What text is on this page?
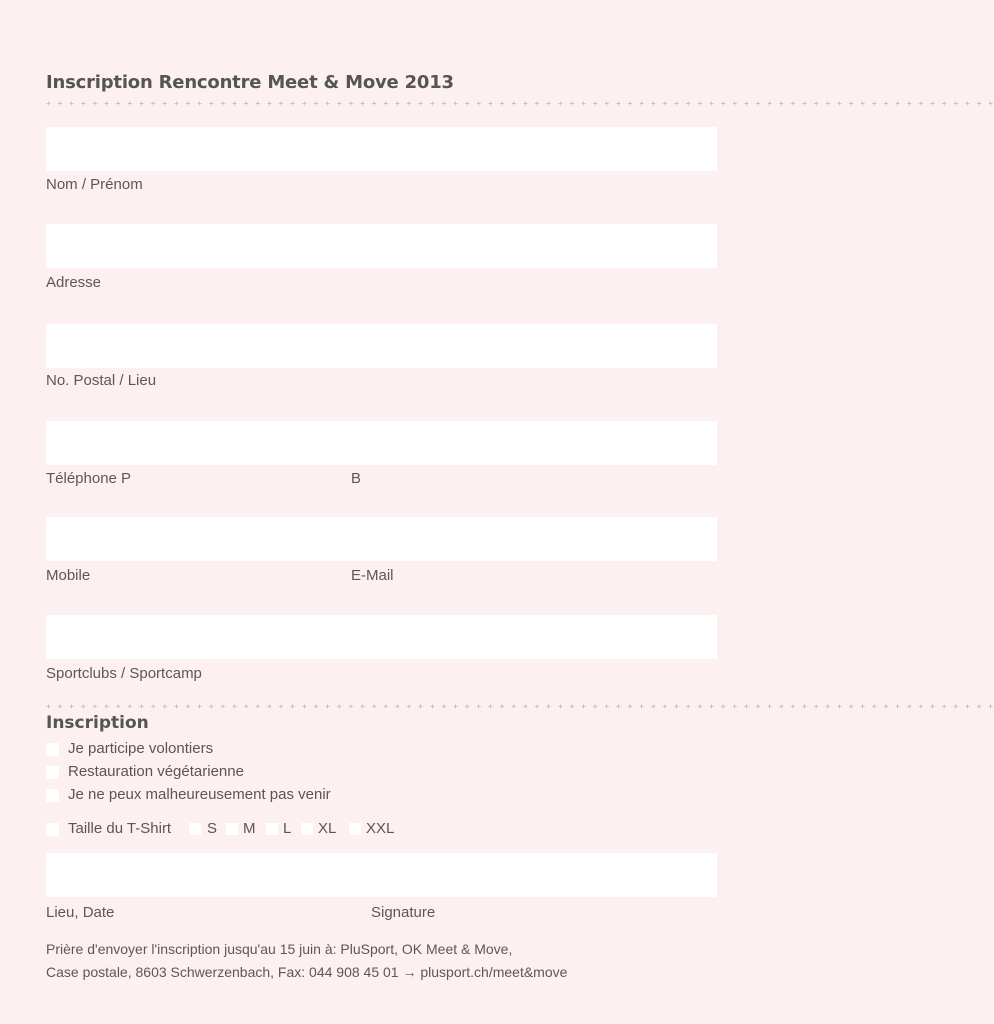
Inscription Rencontre Meet & Move 2013
+ + + + + + + + + + + + + + + + + + + + + + + + + + + + + + + + + + + + + + + + + + + + + + + + + + + + + + + + + + + + + + + + + + + + + + + + + + + + + + + + + +
Nom / Prénom
Adresse
No. Postal / Lieu
Téléphone P	B
Mobile	E-Mail
Sportclubs / Sportcamp
+ + + + + + + + + + + + + + + + + + + + + + + + + + + + + + + + + + + + + + + + + + + + + + + + + + + + + + + + + + + + + + + + + + + + + + + + + + + + + + + + + +
Inscription
Je participe volontiers
Restauration végétarienne
Je ne peux malheureusement pas venir
Taille du T-Shirt S M L XL XXL
Lieu, Date	Signature
Prière d'envoyer l'inscription jusqu'au 15 juin à: PluSport, OK Meet & Move,
Case postale, 8603 Schwerzenbach, Fax: 044 908 45 01 → plusport.ch/meet&move
